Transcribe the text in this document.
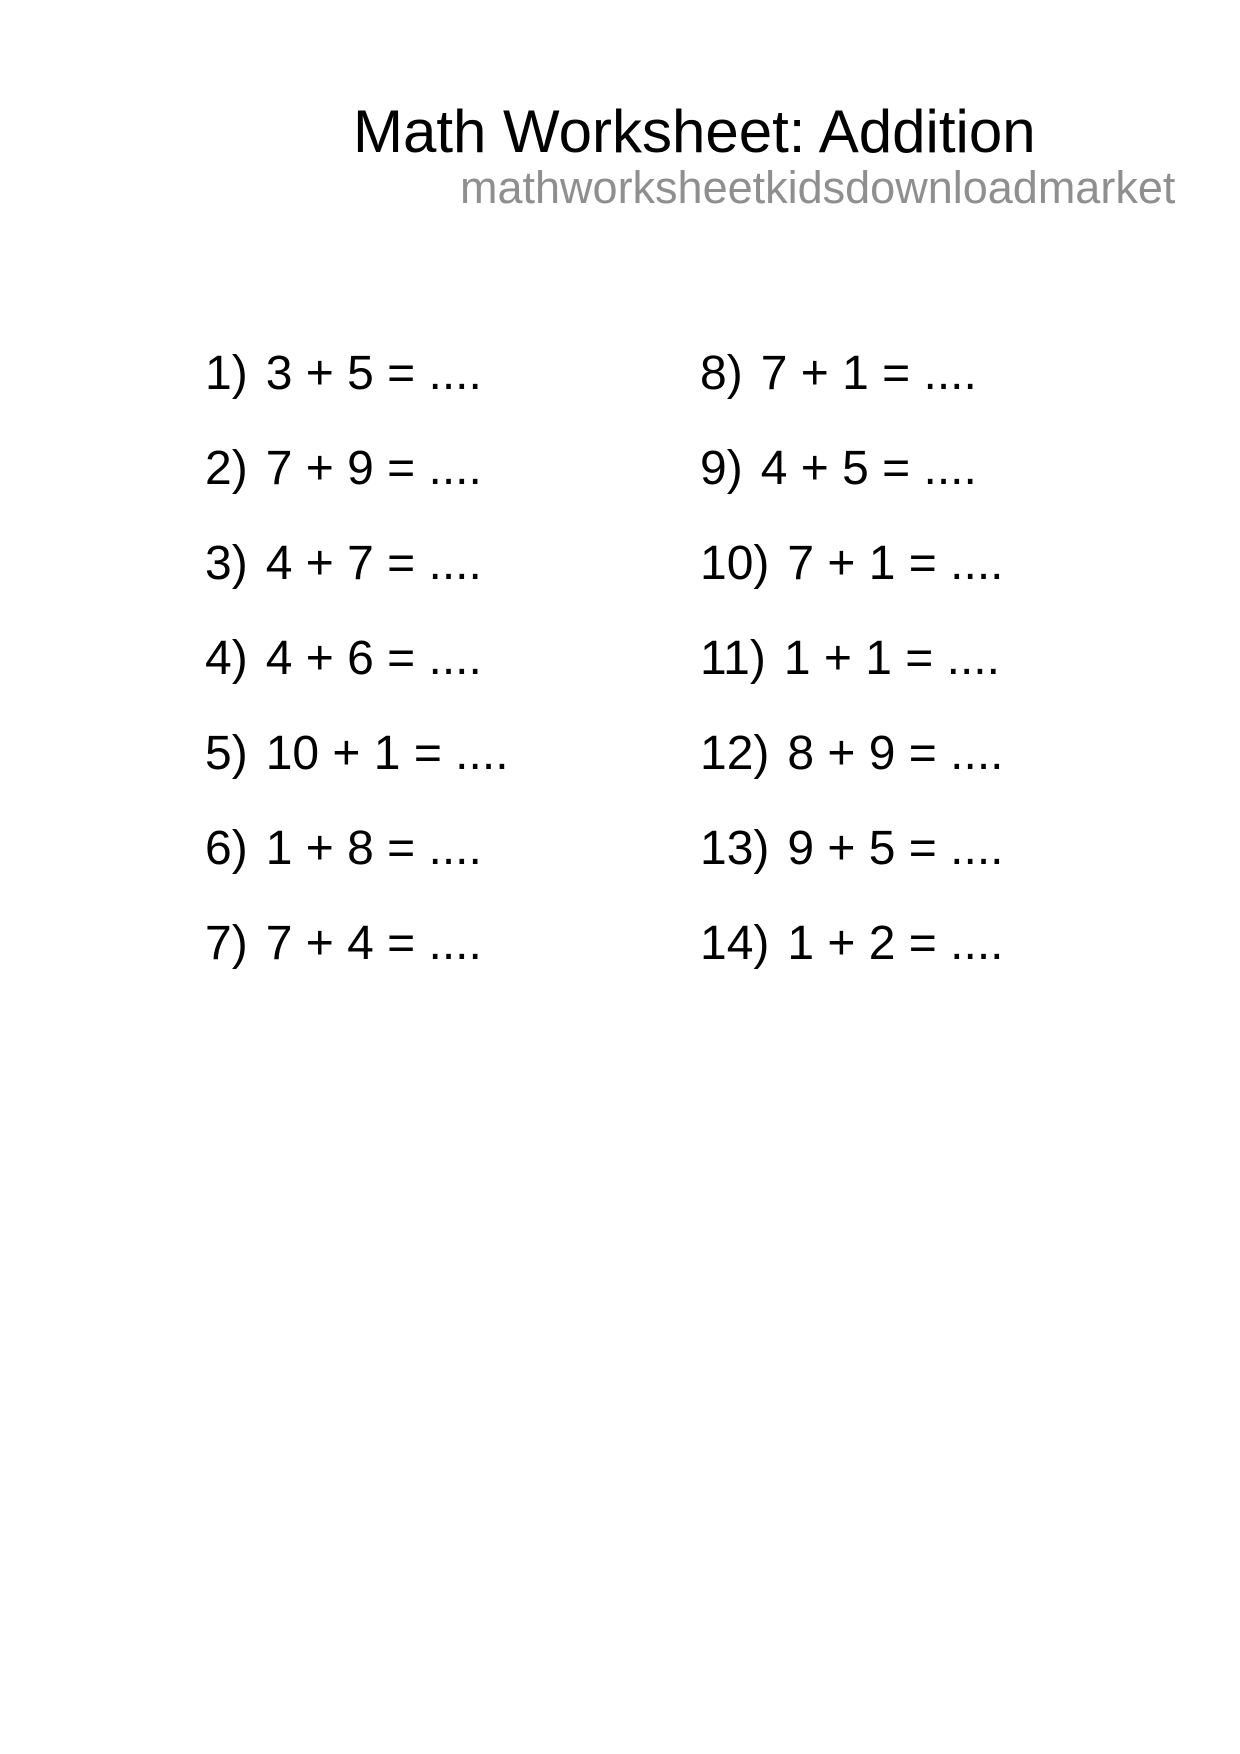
Math Worksheet: Addition
mathworksheetkidsdownloadmarket
1) 3 + 5 = ....
2) 7 + 9 = ....
3) 4 + 7 = ....
4) 4 + 6 = ....
5) 10 + 1 = ....
6) 1 + 8 = ....
7) 7 + 4 = ....
8) 7 + 1 = ....
9) 4 + 5 = ....
10) 7 + 1 = ....
11) 1 + 1 = ....
12) 8 + 9 = ....
13) 9 + 5 = ....
14) 1 + 2 = ....
